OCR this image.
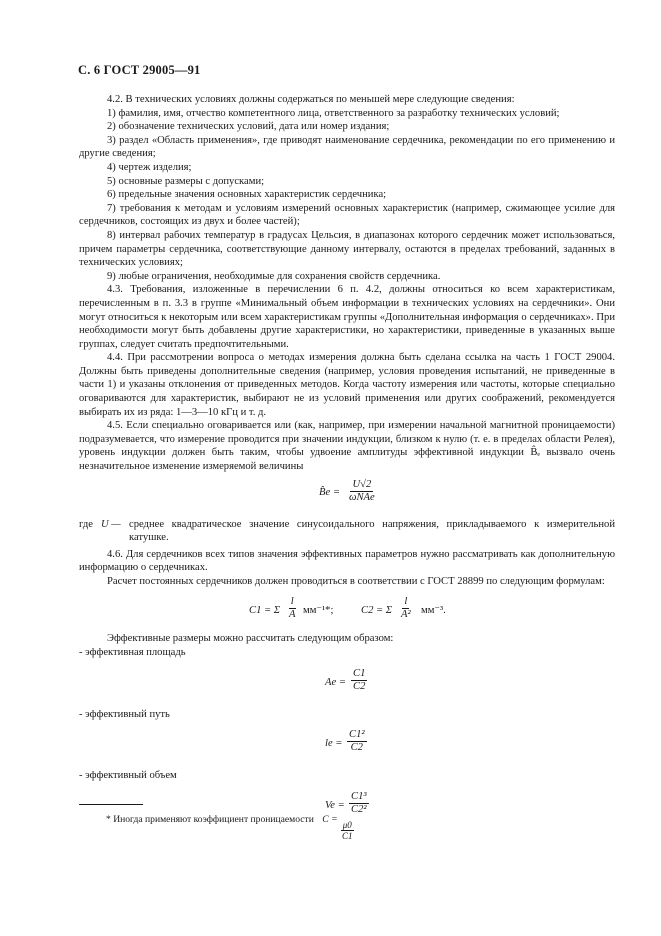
С. 6 ГОСТ 29005—91

4.2. В технических условиях должны содержаться по меньшей мере следующие сведения:

1) фамилия, имя, отчество компетентного лица, ответственного за разработку технических условий;

2) обозначение технических условий, дата или номер издания;

3) раздел «Область применения», где приводят наименование сердечника, рекомендации по его применению и другие сведения;

4) чертеж изделия;

5) основные размеры с допусками;

6) предельные значения основных характеристик сердечника;

7) требования к методам и условиям измерений основных характеристик (например, сжимающее усилие для сердечников, состоящих из двух и более частей);

8) интервал рабочих температур в градусах Цельсия, в диапазонах которого сердечник может использоваться, причем параметры сердечника, соответствующие данному интервалу, остаются в пределах требований, заданных в технических условиях;

9) любые ограничения, необходимые для сохранения свойств сердечника.

4.3. Требования, изложенные в перечислении 6 п. 4.2, должны относиться ко всем характеристикам, перечисленным в п. 3.3 в группе «Минимальный объем информации в технических условиях на сердечники». Они могут относиться к некоторым или всем характеристикам группы «Дополнительная информация о сердечниках». При необходимости могут быть добавлены другие характеристики, но характеристики, приведенные в указанных выше группах, следует считать предпочтительными.

4.4. При рассмотрении вопроса о методах измерения должна быть сделана ссылка на часть 1 ГОСТ 29004. Должны быть приведены дополнительные сведения (например, условия проведения испытаний, не приведенные в части 1) и указаны отклонения от приведенных методов. Когда частоту измерения или частоты, которые специально оговариваются для характеристик, выбирают не из условий применения или других соображений, рекомендуется выбирать их из ряда: 1—3—10 кГц и т. д.

4.5. Если специально оговаривается или (как, например, при измерении начальной магнитной проницаемости) подразумевается, что измерение проводится при значении индукции, близком к нулю (т. е. в пределах области Релея), уровень индукции должен быть таким, чтобы удвоение амплитуды эффективной индукции B̂ₑ вызвало очень незначительное изменение измеряемой величины

B̂e =
U√2
ωNAe
где U — среднее квадратическое значение синусоидального напряжения, прикладываемого к измерительной катушке.

4.6. Для сердечников всех типов значения эффективных параметров нужно рассматривать как дополнительную информацию о сердечниках.

Расчет постоянных сердечников должен проводиться в соответствии с ГОСТ 28899 по следующим формулам:

C1 = Σ $\frac{l}{A} мм^{-1}*$;	C2 = Σ $\frac{l}{\text{A²}} мм^{-3}$.

Эффективные размеры можно рассчитать следующим образом:

- эффективная площадь

$Ae = \frac{C1}{C2}$

- эффективный путь

le = $\frac{\text{C1²}}{C2}$

- эффективный объем

$Ve = \frac{\text{C1³}}{\text{C2²}}$
* Иногда применяют коэффициент проницаемости C =
$\frac{\mu 0}{C1}$
